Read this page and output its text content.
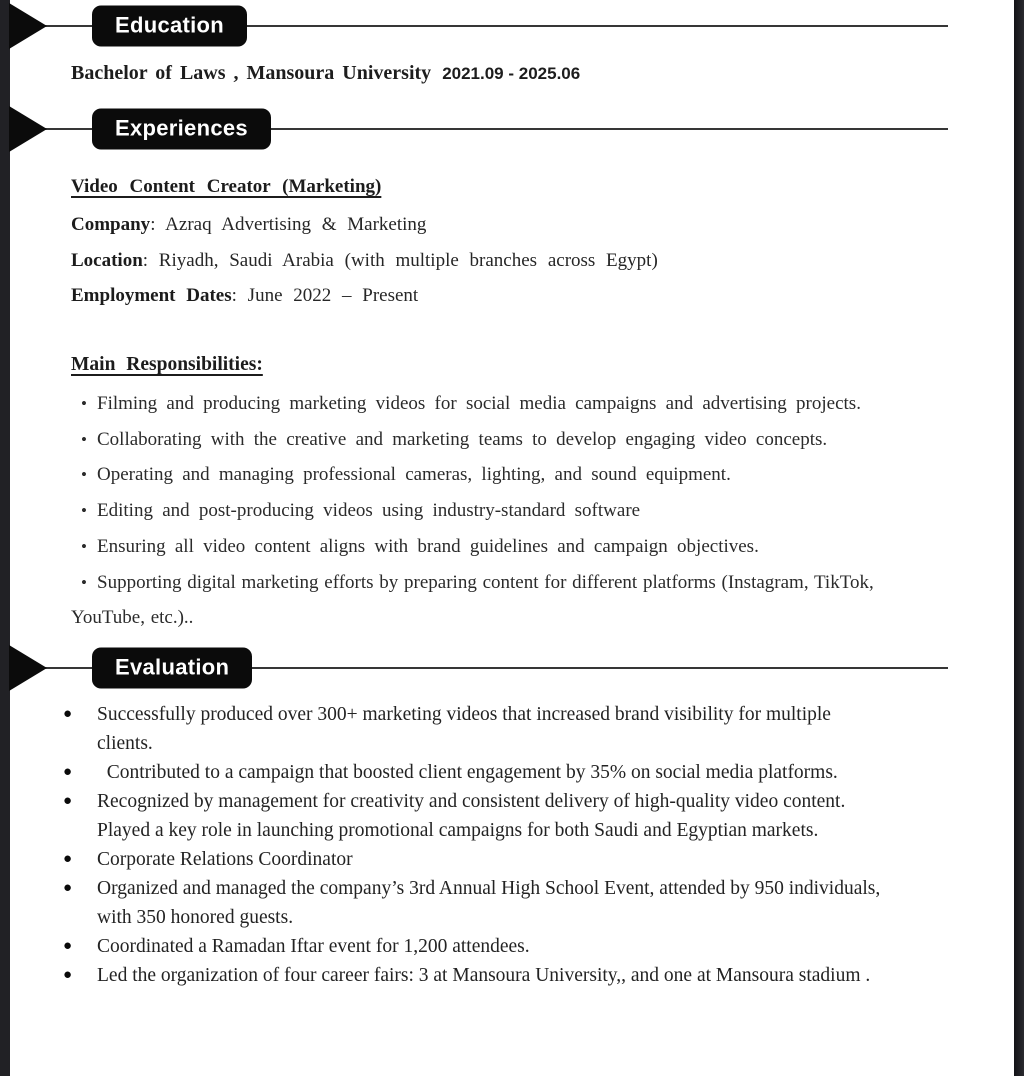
Education
Bachelor of Laws , Mansoura University 2021.09 - 2025.06
Experiences
Video Content Creator (Marketing)
Company: Azraq Advertising & Marketing
Location: Riyadh, Saudi Arabia (with multiple branches across Egypt)
Employment Dates: June 2022 – Present
Main Responsibilities:
• Filming and producing marketing videos for social media campaigns and advertising projects.
• Collaborating with the creative and marketing teams to develop engaging video concepts.
• Operating and managing professional cameras, lighting, and sound equipment.
• Editing and post-producing videos using industry-standard software
• Ensuring all video content aligns with brand guidelines and campaign objectives.
• Supporting digital marketing efforts by preparing content for different platforms (Instagram, TikTok,
YouTube, etc.)..
Evaluation
● Successfully produced over 300+ marketing videos that increased brand visibility for multiple
clients.
● Contributed to a campaign that boosted client engagement by 35% on social media platforms.
● Recognized by management for creativity and consistent delivery of high-quality video content.
Played a key role in launching promotional campaigns for both Saudi and Egyptian markets.
● Corporate Relations Coordinator
● Organized and managed the company’s 3rd Annual High School Event, attended by 950 individuals,
with 350 honored guests.
● Coordinated a Ramadan Iftar event for 1,200 attendees.
● Led the organization of four career fairs: 3 at Mansoura University,, and one at Mansoura stadium .
